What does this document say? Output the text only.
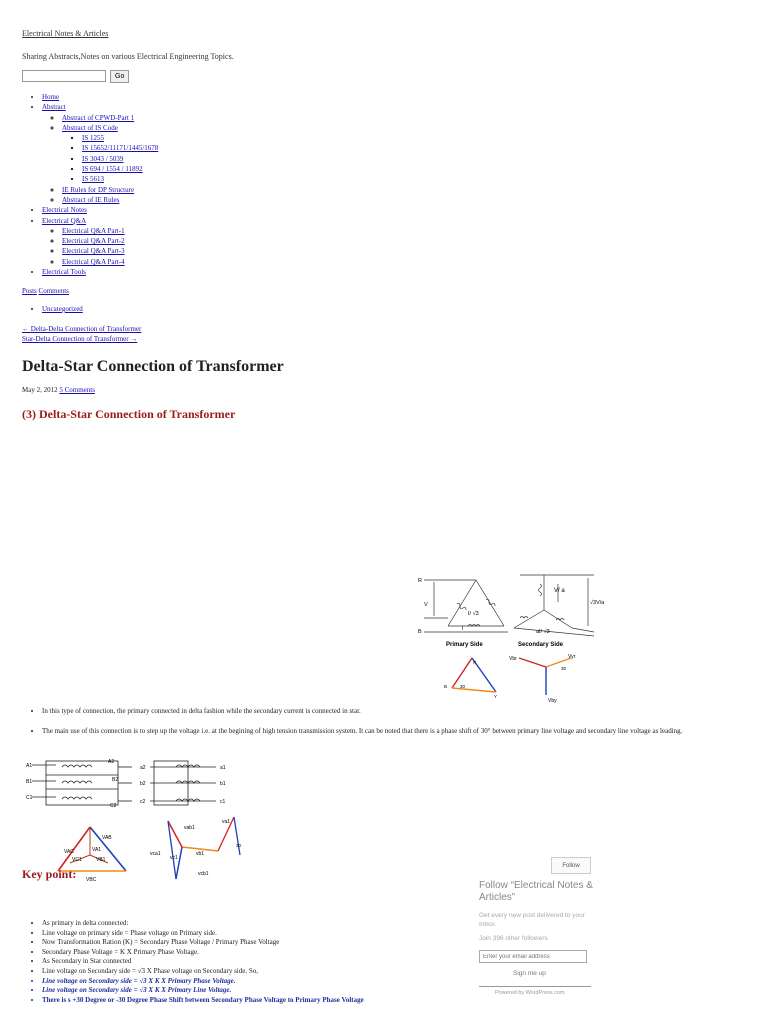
Electrical Notes & Articles
Sharing Abstracts,Notes on various Electrical Engineering Topics.
Go
• Home
• Abstract
◦ Abstract of CPWD-Part 1
◦ Abstract of IS Code
▪ IS 1255
▪ IS 15652/11171/1445/1678
▪ IS 3043 / 5039
▪ IS 694 / 1554 / 11892
▪ IS 5613
◦ IE Rules for DP Structure
◦ Abstract of IE Rules
• Electrical Notes
• Electrical Q&A
◦ Electrical Q&A Part-1
◦ Electrical Q&A Part-2
◦ Electrical Q&A Part-3
◦ Electrical Q&A Part-4
• Electrical Tools
Posts Comments
• Uncategorized
← Delta-Delta Connection of Transformer
Star-Delta Connection of Transformer →
Delta-Star Connection of Transformer
May 2, 2012 5 Comments
(3) Delta-Star Connection of Transformer
R
V
B	I
I/ √3
V/ a
√3V/a
aI/ √3
Primary Side	Secondary Side
R
B
Y
30
Vbr	Vyr
Vby
30
• In this type of connection, the primary connected in delta fashion while the secondary current is connected in star.
• The main use of this connection is to step up the voltage i.e. at the begining of high tension transmission system. It can be noted that there is a phase shift of 30° between primary line voltage and secondary line voltage as leading.
A1
A2
B1	B2
C1
C2
a2	a1
b2	b1
c2	c1
VAC
VAB
VA1
VC1	VB1
VBC
vab1
va1
vca1
vc1
vb1
vcb1
30
Key point:
• As primary in delta connected:
• Line voltage on primary side = Phase voltage on Primary side.
• Now Transformation Ration (K) = Secondary Phase Voltage / Primary Phase Voltage
• Secondary Phase Voltage = K X Primary Phase Voltage.
• As Secondary in Star connected
• Line voltage on Secondary side = √3 X Phase voltage on Secondary side. So,
• Line voltage on Secondary side = √3 X K X Primary Phase Voltage.
• Line voltage on Secondary side = √3 X K X Primary Line Voltage.
• There is s +30 Degree or -30 Degree Phase Shift between Secondary Phase Voltage to Primary Phase Voltage
Follow
Follow “Electrical Notes & Articles”
Get every new post delivered to your Inbox.
Join 396 other followers
Enter your email address
Sign me up
Powered by WordPress.com
